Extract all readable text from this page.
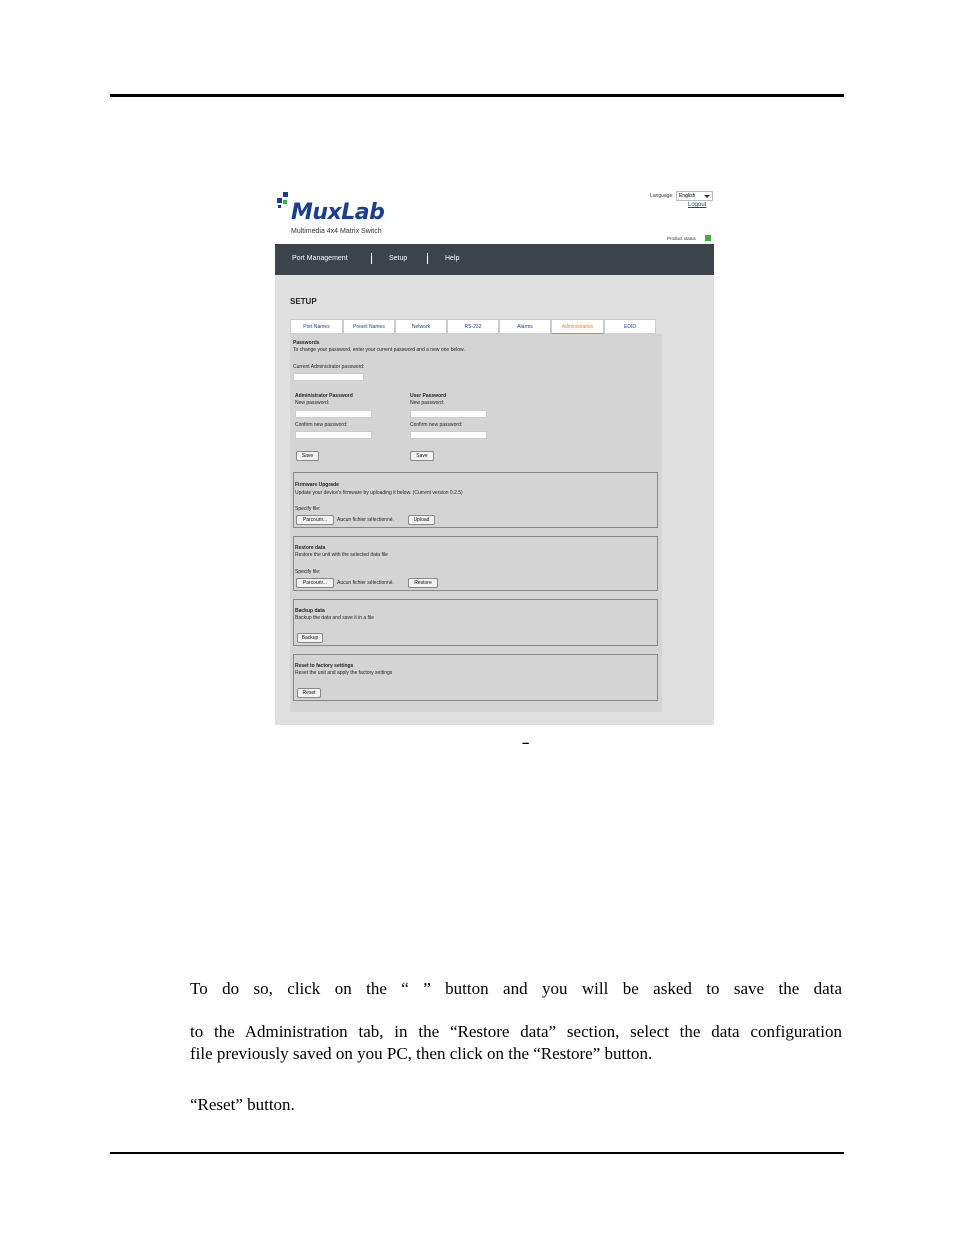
MuxLab
Multimedia 4x4 Matrix Switch
Language:	English
Logout
Product status
Port Management	Setup	Help
SETUP
Port Names	Preset Names	Network	RS-232	Alarms	Administration	EDID
Passwords
To change your password, enter your current password and a new one below.
Current Administrator password:
Administrator Password
New password:
Confirm new password:
Save
User Password
New password:
Confirm new password:
Save
Firmware Upgrade
Update your device's firmware by uploading it below. (Current version 0.2.5)
Specify file:
Parcourir...	Aucun fichier sélectionné.	Upload
Restore data
Restore the unit with the selected data file
Specify file:
Parcourir...	Aucun fichier sélectionné.	Restore
Backup data
Backup the data and save it in a file
Backup
Reset to factory settings
Reset the unit and apply the factory settings
Reset
–
To do so, click on the “ ” button and you will be asked to save the data
to the Administration tab, in the “Restore data” section, select the data configuration
file previously saved on you PC, then click on the “Restore” button.
“Reset” button.
